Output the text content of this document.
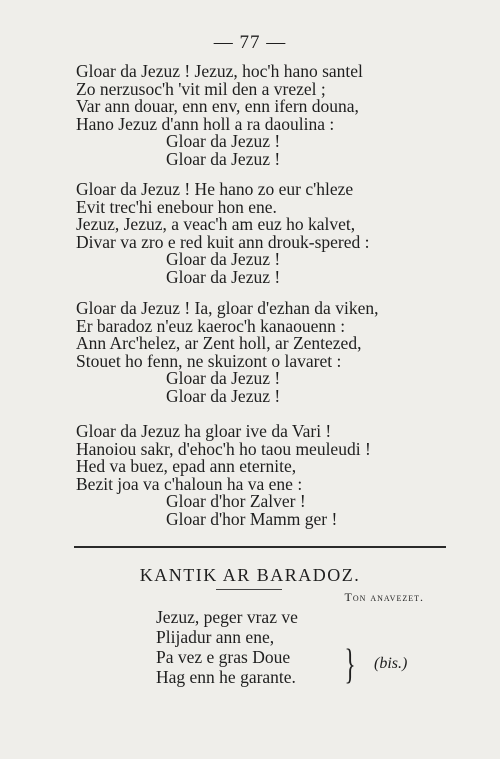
— 77 —
Gloar da Jezuz ! Jezuz, hoc'h hano santel
Zo nerzusoc'h 'vit mil den a vrezel ;
Var ann douar, enn env, enn ifern douna,
Hano Jezuz d'ann holl a ra daoulina :
Gloar da Jezuz !
Gloar da Jezuz !
Gloar da Jezuz ! He hano zo eur c'hleze
Evit trec'hi enebour hon ene.
Jezuz, Jezuz, a veac'h am euz ho kalvet,
Divar va zro e red kuit ann drouk-spered :
Gloar da Jezuz !
Gloar da Jezuz !
Gloar da Jezuz ! Ia, gloar d'ezhan da viken,
Er baradoz n'euz kaeroc'h kanaouenn :
Ann Arc'helez, ar Zent holl, ar Zentezed,
Stouet ho fenn, ne skuizont o lavaret :
Gloar da Jezuz !
Gloar da Jezuz !
Gloar da Jezuz ha gloar ive da Vari !
Hanoiou sakr, d'ehoc'h ho taou meuleudi !
Hed va buez, epad ann eternite,
Bezit joa va c'haloun ha va ene :
Gloar d'hor Zalver !
Gloar d'hor Mamm ger !
KANTIK AR BARADOZ.
Ton anavezet.
Jezuz, peger vraz ve
Plijadur ann ene,
Pa vez e gras Doue
Hag enn he garante.	} (bis.)
